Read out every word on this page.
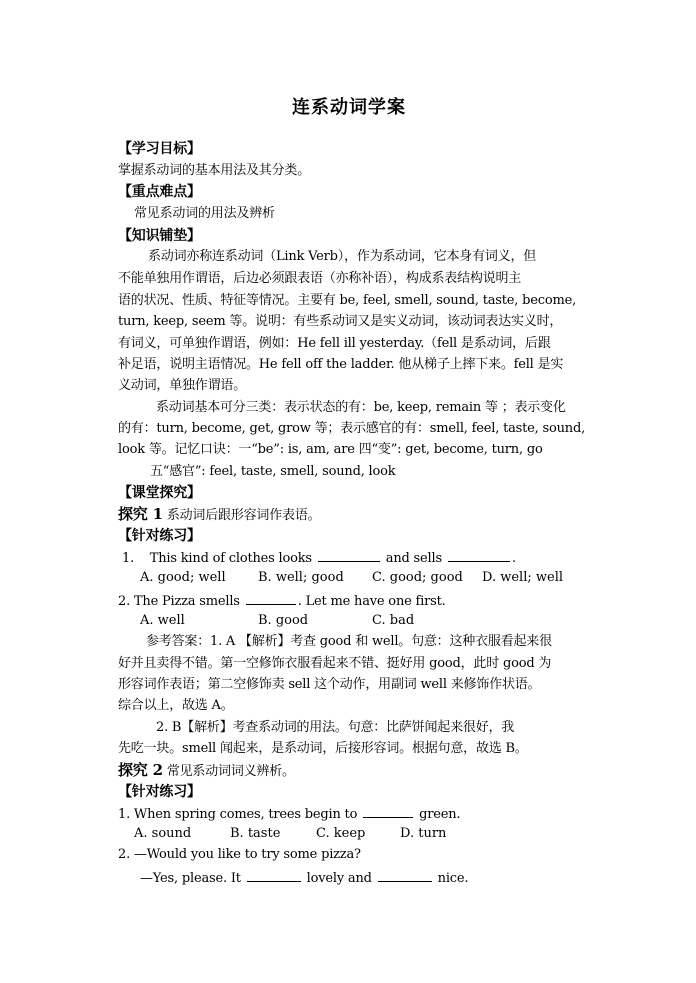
连系动词学案
【学习目标】
掌握系动词的基本用法及其分类。
【重点难点】
常见系动词的用法及辨析
【知识铺垫】
系动词亦称连系动词（Link Verb），作为系动词，它本身有词义，但
不能单独用作谓语，后边必须跟表语（亦称补语），构成系表结构说明主
语的状况、性质、特征等情况。主要有 be, feel, smell, sound, taste, become,
turn, keep, seem 等。说明：有些系动词又是实义动词，该动词表达实义时，
有词义，可单独作谓语，例如：He fell ill yesterday.（fell 是系动词，后跟
补足语，说明主语情况。He fell off the ladder. 他从梯子上摔下来。fell 是实
义动词，单独作谓语。
系动词基本可分三类：表示状态的有：be, keep, remain 等 ；表示变化
的有：turn, become, get, grow 等；表示感官的有：smell, feel, taste, sound,
look 等。记忆口诀：一“be”: is, am, are 四“变”: get, become, turn, go
五“感官”: feel, taste, smell, sound, look
【课堂探究】
探究 1 系动词后跟形容词作表语。
【针对练习】
1. This kind of clothes looks	and sells	.
A. good; well B. well; good C. good; good D. well; well
2. The Pizza smells	. Let me have one first.
A. well	B. good	C. bad
参考答案：1. A 【解析】考查 good 和 well。句意：这种衣服看起来很
好并且卖得不错。第一空修饰衣服看起来不错、挺好用 good，此时 good 为
形容词作表语；第二空修饰卖 sell 这个动作，用副词 well 来修饰作状语。
综合以上，故选 A。
2. B【解析】考查系动词的用法。句意：比萨饼闻起来很好，我
先吃一块。smell 闻起来，是系动词，后接形容词。根据句意，故选 B。
探究 2 常见系动词词义辨析。
【针对练习】
1. When spring comes, trees begin to	green.
A. sound	B. taste	C. keep	D. turn
2. —Would you like to try some pizza?
—Yes, please. It	lovely and	nice.
